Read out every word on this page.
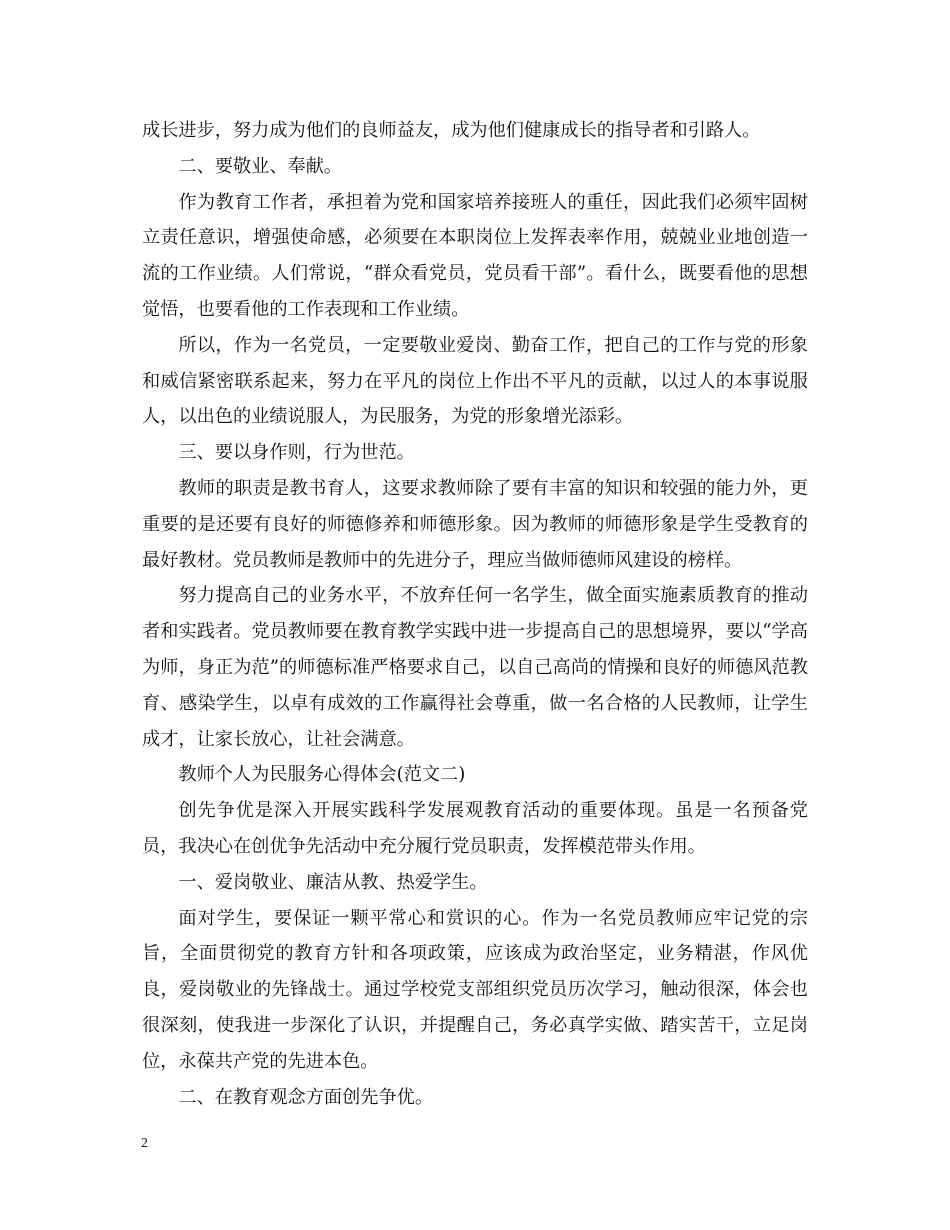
成长进步，努力成为他们的良师益友，成为他们健康成长的指导者和引路人。

二、要敬业、奉献。

作为教育工作者，承担着为党和国家培养接班人的重任，因此我们必须牢固树立责任意识，增强使命感，必须要在本职岗位上发挥表率作用，兢兢业业地创造一流的工作业绩。人们常说，“群众看党员，党员看干部”。看什么，既要看他的思想觉悟，也要看他的工作表现和工作业绩。

所以，作为一名党员，一定要敬业爱岗、勤奋工作，把自己的工作与党的形象和威信紧密联系起来，努力在平凡的岗位上作出不平凡的贡献，以过人的本事说服人，以出色的业绩说服人，为民服务，为党的形象增光添彩。

三、要以身作则，行为世范。

教师的职责是教书育人，这要求教师除了要有丰富的知识和较强的能力外，更重要的是还要有良好的师德修养和师德形象。因为教师的师德形象是学生受教育的最好教材。党员教师是教师中的先进分子，理应当做师德师风建设的榜样。

努力提高自己的业务水平，不放弃任何一名学生，做全面实施素质教育的推动者和实践者。党员教师要在教育教学实践中进一步提高自己的思想境界，要以“学高为师，身正为范”的师德标准严格要求自己，以自己高尚的情操和良好的师德风范教育、感染学生，以卓有成效的工作赢得社会尊重，做一名合格的人民教师，让学生成才，让家长放心，让社会满意。

教师个人为民服务心得体会(范文二)

创先争优是深入开展实践科学发展观教育活动的重要体现。虽是一名预备党员，我决心在创优争先活动中充分履行党员职责，发挥模范带头作用。

一、爱岗敬业、廉洁从教、热爱学生。

面对学生，要保证一颗平常心和赏识的心。作为一名党员教师应牢记党的宗旨，全面贯彻党的教育方针和各项政策，应该成为政治坚定，业务精湛，作风优良，爱岗敬业的先锋战士。通过学校党支部组织党员历次学习，触动很深，体会也很深刻，使我进一步深化了认识，并提醒自己，务必真学实做、踏实苦干，立足岗位，永葆共产党的先进本色。

二、在教育观念方面创先争优。

2
